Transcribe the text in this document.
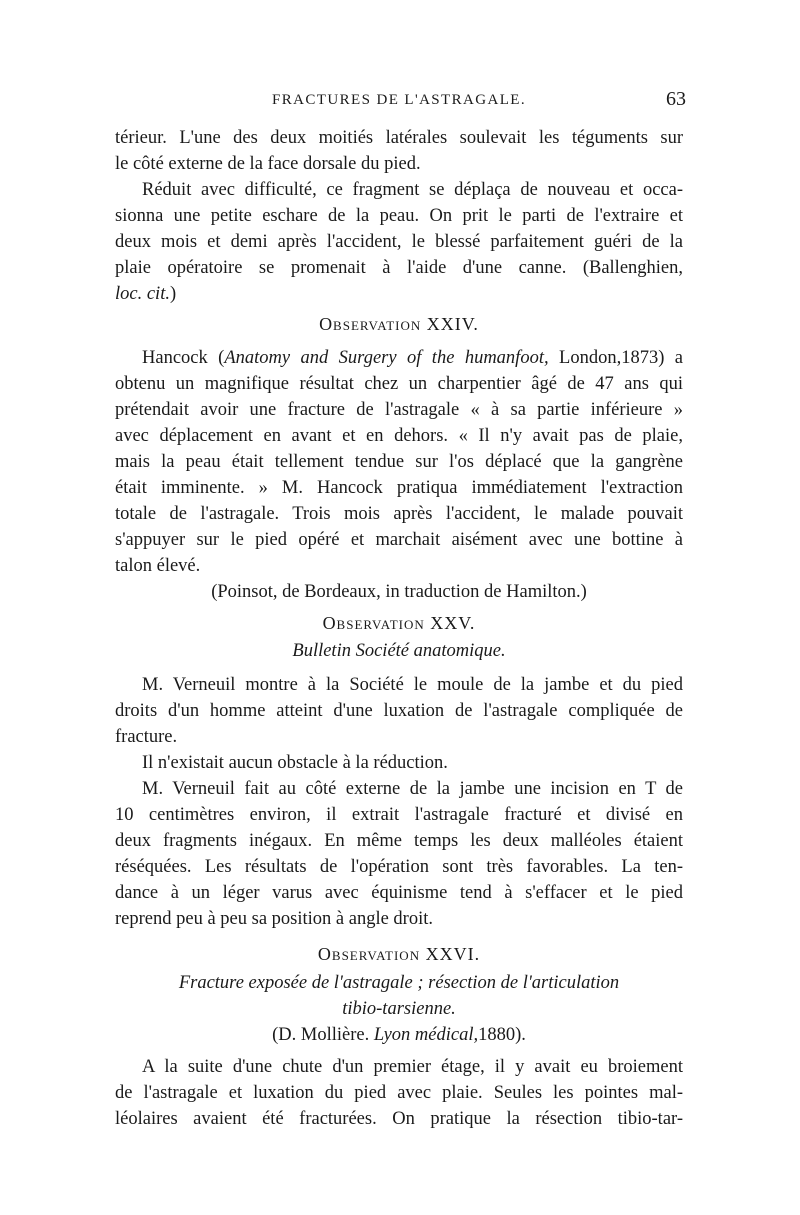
FRACTURES DE L'ASTRAGALE.	63
térieur. L'une des deux moitiés latérales soulevait les téguments sur
le côté externe de la face dorsale du pied.
Réduit avec difficulté, ce fragment se déplaça de nouveau et occa-
sionna une petite eschare de la peau. On prit le parti de l'extraire et
deux mois et demi après l'accident, le blessé parfaitement guéri de la
plaie opératoire se promenait à l'aide d'une canne. (Ballenghien,
loc. cit.)
Observation XXIV.
Hancock (Anatomy and Surgery of the humanfoot, London,1873) a
obtenu un magnifique résultat chez un charpentier âgé de 47 ans qui
prétendait avoir une fracture de l'astragale « à sa partie inférieure »
avec déplacement en avant et en dehors. « Il n'y avait pas de plaie,
mais la peau était tellement tendue sur l'os déplacé que la gangrène
était imminente. » M. Hancock pratiqua immédiatement l'extraction
totale de l'astragale. Trois mois après l'accident, le malade pouvait
s'appuyer sur le pied opéré et marchait aisément avec une bottine à
talon élevé.
(Poinsot, de Bordeaux, in traduction de Hamilton.)
Observation XXV.
Bulletin Société anatomique.
M. Verneuil montre à la Société le moule de la jambe et du pied
droits d'un homme atteint d'une luxation de l'astragale compliquée de
fracture.
Il n'existait aucun obstacle à la réduction.
M. Verneuil fait au côté externe de la jambe une incision en T de
10 centimètres environ, il extrait l'astragale fracturé et divisé en
deux fragments inégaux. En même temps les deux malléoles étaient
réséquées. Les résultats de l'opération sont très favorables. La ten-
dance à un léger varus avec équinisme tend à s'effacer et le pied
reprend peu à peu sa position à angle droit.
Observation XXVI.
Fracture exposée de l'astragale ; résection de l'articulation
tibio-tarsienne.
(D. Mollière. Lyon médical,1880).
A la suite d'une chute d'un premier étage, il y avait eu broiement
de l'astragale et luxation du pied avec plaie. Seules les pointes mal-
léolaires avaient été fracturées. On pratique la résection tibio-tar-
